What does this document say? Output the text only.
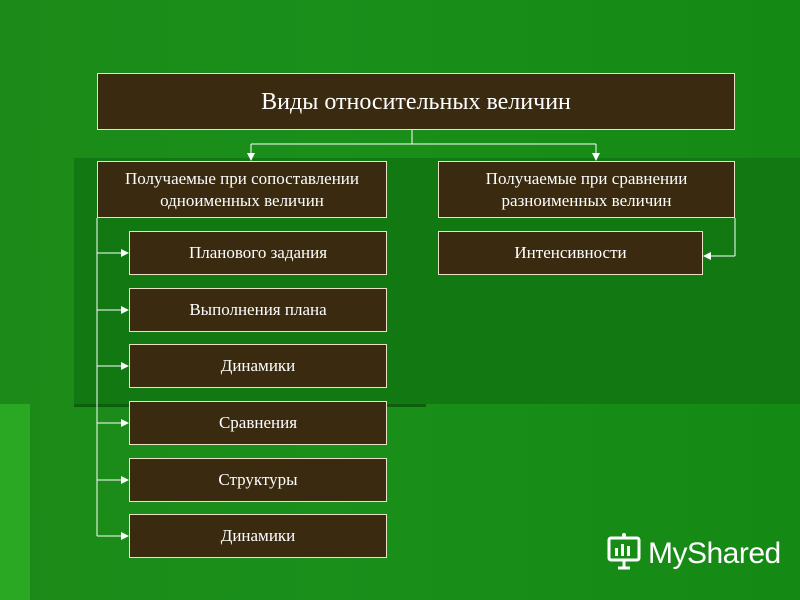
Виды относительных величин
Получаемые при сопоставлении одноименных величин
Получаемые при сравнении разноименных величин
Планового задания
Выполнения плана
Динамики
Сравнения
Структуры
Динамики
Интенсивности
MyShared
